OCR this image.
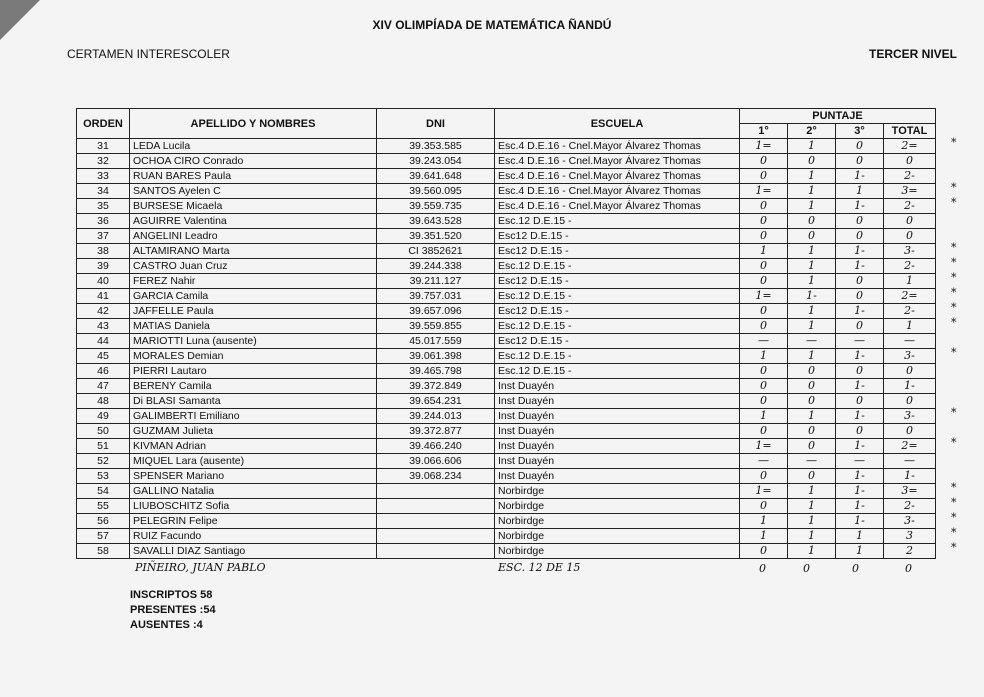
XIV OLIMPÍADA DE MATEMÁTICA ÑANDÚ
CERTAMEN INTERESCOLER	TERCER NIVEL
ORDEN	APELLIDO Y NOMBRES	DNI	ESCUELA	PUNTAJE			
				1°	2°	3°	TOTAL
31	LEDA Lucila	39.353.585	Esc.4 D.E.16 - Cnel.Mayor Álvarez Thomas	1=	1	0	2=
32	OCHOA CIRO Conrado	39.243.054	Esc.4 D.E.16 - Cnel.Mayor Álvarez Thomas	0	0	0	0
33	RUAN BARES Paula	39.641.648	Esc.4 D.E.16 - Cnel.Mayor Álvarez Thomas	0	1	1-	2-
34	SANTOS Ayelen C	39.560.095	Esc.4 D.E.16 - Cnel.Mayor Álvarez Thomas	1=	1	1	3=
35	BURSESE Micaela	39.559.735	Esc.4 D.E.16 - Cnel.Mayor Álvarez Thomas	0	1	1-	2-
36	AGUIRRE Valentina	39.643.528	Esc.12 D.E.15 -	0	0	0	0
37	ANGELINI Leadro	39.351.520	Esc12 D.E.15 -	0	0	0	0
38	ALTAMIRANO Marta	CI 3852621	Esc12 D.E.15 -	1	1	1-	3-
39	CASTRO Juan Cruz	39.244.338	Esc.12 D.E.15 -	0	1	1-	2-
40	FEREZ Nahir	39.211.127	Esc12 D.E.15 -	0	1	0	1
41	GARCIA Camila	39.757.031	Esc.12 D.E.15 -	1=	1-	0	2=
42	JAFFELLE Paula	39.657.096	Esc12 D.E.15 -	0	1	1-	2-
43	MATIAS Daniela	39.559.855	Esc.12 D.E.15 -	0	1	0	1
44	MARIOTTI Luna (ausente)	45.017.559	Esc12 D.E.15 -	—	—	—	—
45	MORALES Demian	39.061.398	Esc.12 D.E.15 -	1	1	1-	3-
46	PIERRI Lautaro	39.465.798	Esc.12 D.E.15 -	0	0	0	0
47	BERENY Camila	39.372.849	Inst Duayén	0	0	1-	1-
48	Di BLASI Samanta	39.654.231	Inst Duayén	0	0	0	0
49	GALIMBERTI Emiliano	39.244.013	Inst Duayén	1	1	1-	3-
50	GUZMAM Julieta	39.372.877	Inst Duayén	0	0	0	0
51	KIVMAN Adrian	39.466.240	Inst Duayén	1=	0	1-	2=
52	MIQUEL Lara (ausente)	39.066.606	Inst Duayén	—	—	—	—
53	SPENSER Mariano	39.068.234	Inst Duayén	0	0	1-	1-
54	GALLINO Natalia		Norbirdge	1=	1	1-	3=
55	LIUBOSCHITZ Sofia		Norbirdge	0	1	1-	2-
56	PELEGRIN Felipe		Norbirdge	1	1	1-	3-
57	RUIZ Facundo		Norbirdge	1	1	1	3
58	SAVALLI DIAZ Santiago		Norbirdge	0	1	1	2
PIÑEIRO, JUAN PABLO	ESC. 12 DE 15	0	0	0	0
*
*
*
*
*
*
*
*
*
*
*
*
*
*
*
*
*
INSCRIPTOS 58
PRESENTES :54
AUSENTES :4
